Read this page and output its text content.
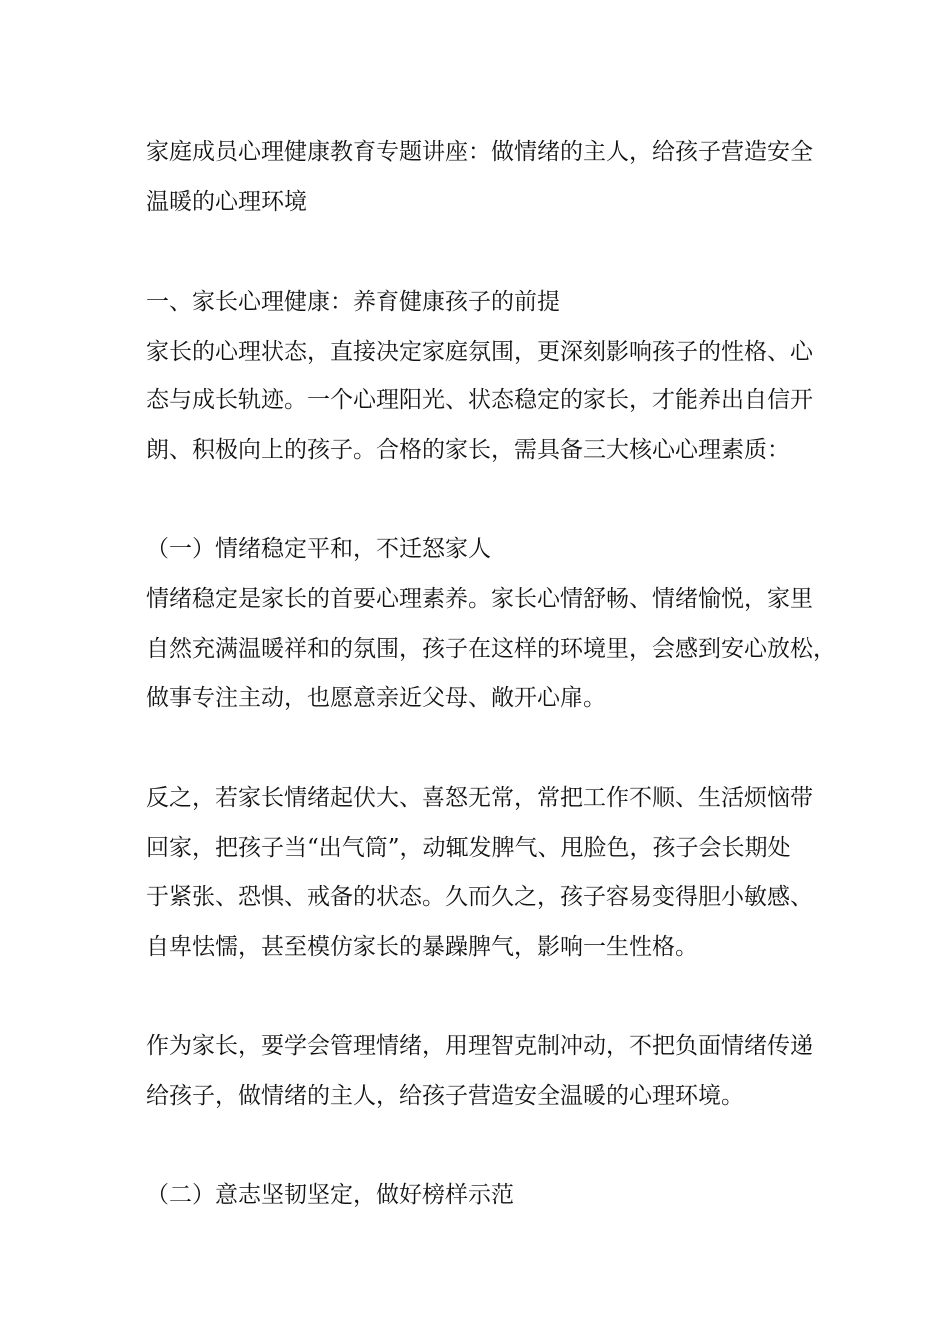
家庭成员心理健康教育专题讲座：做情绪的主人，给孩子营造安全
温暖的心理环境
一、家长心理健康：养育健康孩子的前提
家长的心理状态，直接决定家庭氛围，更深刻影响孩子的性格、心
态与成长轨迹。一个心理阳光、状态稳定的家长，才能养出自信开
朗、积极向上的孩子。合格的家长，需具备三大核心心理素质：
（一）情绪稳定平和，不迁怒家人
情绪稳定是家长的首要心理素养。家长心情舒畅、情绪愉悦，家里
自然充满温暖祥和的氛围，孩子在这样的环境里，会感到安心放松，
做事专注主动，也愿意亲近父母、敞开心扉。
反之，若家长情绪起伏大、喜怒无常，常把工作不顺、生活烦恼带
回家，把孩子当“出气筒”，动辄发脾气、甩脸色，孩子会长期处
于紧张、恐惧、戒备的状态。久而久之，孩子容易变得胆小敏感、
自卑怯懦，甚至模仿家长的暴躁脾气，影响一生性格。
作为家长，要学会管理情绪，用理智克制冲动，不把负面情绪传递
给孩子，做情绪的主人，给孩子营造安全温暖的心理环境。
（二）意志坚韧坚定，做好榜样示范
